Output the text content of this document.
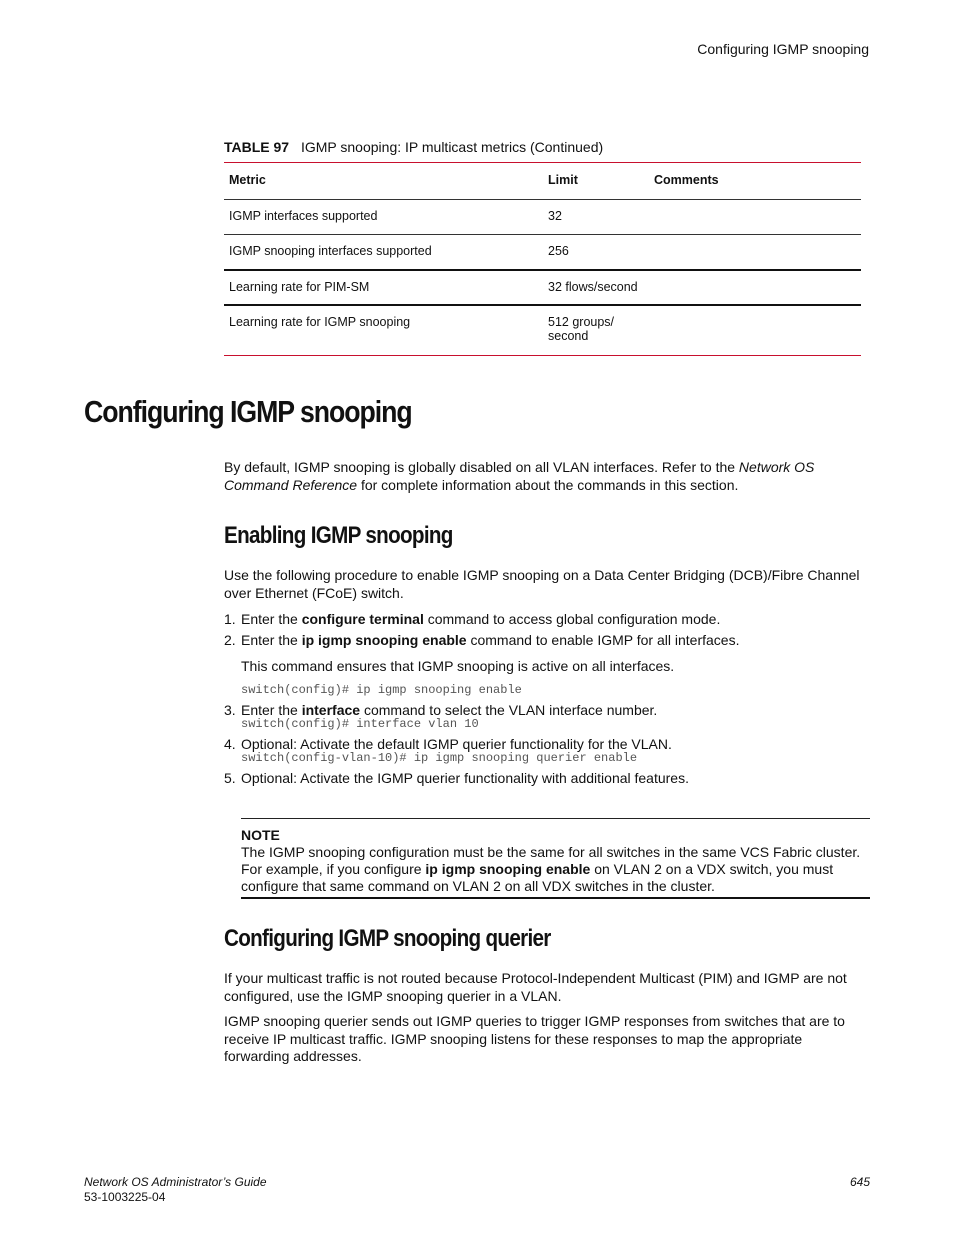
Configuring IGMP snooping
TABLE 97 IGMP snooping: IP multicast metrics (Continued)
Metric	Limit	Comments
IGMP interfaces supported	32	
IGMP snooping interfaces supported	256	
Learning rate for PIM-SM	32 flows/second	
Learning rate for IGMP snooping	512 groups/
second	
Configuring IGMP snooping

By default, IGMP snooping is globally disabled on all VLAN interfaces. Refer to the Network OS Command Reference for complete information about the commands in this section.

Enabling IGMP snooping

Use the following procedure to enable IGMP snooping on a Data Center Bridging (DCB)/Fibre Channel over Ethernet (FCoE) switch.

1. Enter the configure terminal command to access global configuration mode.
2. Enter the ip igmp snooping enable command to enable IGMP for all interfaces.
This command ensures that IGMP snooping is active on all interfaces.
switch(config)# ip igmp snooping enable
3. Enter the interface command to select the VLAN interface number.
switch(config)# interface vlan 10
4. Optional: Activate the default IGMP querier functionality for the VLAN.
switch(config-vlan-10)# ip igmp snooping querier enable
5. Optional: Activate the IGMP querier functionality with additional features.
NOTE
The IGMP snooping configuration must be the same for all switches in the same VCS Fabric cluster. For example, if you configure ip igmp snooping enable on VLAN 2 on a VDX switch, you must configure that same command on VLAN 2 on all VDX switches in the cluster.
Configuring IGMP snooping querier

If your multicast traffic is not routed because Protocol-Independent Multicast (PIM) and IGMP are not configured, use the IGMP snooping querier in a VLAN.

IGMP snooping querier sends out IGMP queries to trigger IGMP responses from switches that are to receive IP multicast traffic. IGMP snooping listens for these responses to map the appropriate forwarding addresses.

Network OS Administrator’s Guide
53-1003225-04
645
